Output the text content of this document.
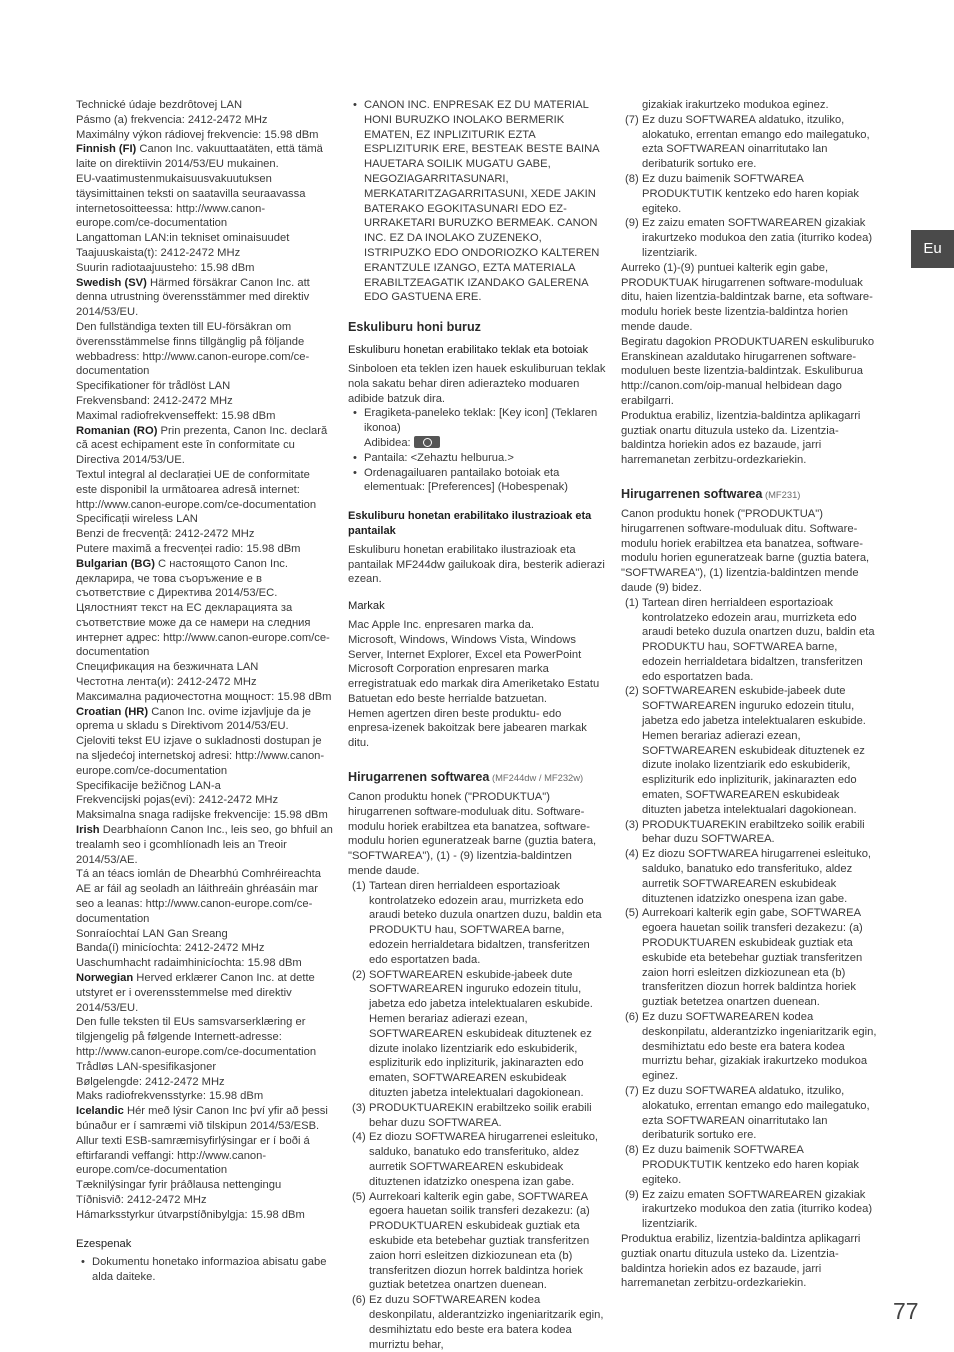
Technické údaje bezdrôtovej LAN

Pásmo (a) frekvencia: 2412-2472 MHz

Maximálny výkon rádiovej frekvencie: 15.98 dBm

Finnish (FI) Canon Inc. vakuuttaatäten, että tämä laite on direktiivin 2014/53/EU mukainen.

EU-vaatimustenmukaisuusvakuutuksen täysimittainen teksti on saatavilla seuraavassa internetosoitteessa: http://www.canon-europe.com/ce-documentation

Langattoman LAN:in tekniset ominaisuudet

Taajuuskaista(t): 2412-2472 MHz

Suurin radiotaajuusteho: 15.98 dBm

Swedish (SV) Härmed försäkrar Canon Inc. att denna utrustning överensstämmer med direktiv 2014/53/EU.

Den fullständiga texten till EU-försäkran om överensstämmelse finns tillgänglig på följande webbadress: http://www.canon-europe.com/ce-documentation

Specifikationer för trådlöst LAN

Frekvensband: 2412-2472 MHz

Maximal radiofrekvenseffekt: 15.98 dBm

Romanian (RO) Prin prezenta, Canon Inc. declară că acest echipament este în conformitate cu Directiva 2014/53/UE.

Textul integral al declarației UE de conformitate este disponibil la următoarea adresă internet: http://www.canon-europe.com/ce-documentation

Specificații wireless LAN

Benzi de frecvență: 2412-2472 MHz

Putere maximă a frecvenței radio: 15.98 dBm

Bulgarian (BG) С настоящото Canon Inc. декларира, че това съоръжение е в съответствие с Директива 2014/53/ЕС.

Цялостният текст на ЕС декларацията за съответствие може да се намери на следния интернет адрес: http://www.canon-europe.com/ce-documentation

Спецификация на безжичната LAN

Честотна лента(и): 2412-2472 MHz

Максимална радиочестотна мощност: 15.98 dBm

Croatian (HR) Canon Inc. ovime izjavljuje da je oprema u skladu s Direktivom 2014/53/EU.

Cjeloviti tekst EU izjave o sukladnosti dostupan je na sljedećoj internetskoj adresi: http://www.canon-europe.com/ce-documentation

Specifikacije bežičnog LAN-a

Frekvencijski pojas(evi): 2412-2472 MHz

Maksimalna snaga radijske frekvencije: 15.98 dBm

Irish Dearbhaíonn Canon Inc., leis seo, go bhfuil an trealamh seo i gcomhlíonadh leis an Treoir 2014/53/AE.

Tá an téacs iomlán de Dhearbhú Comhréireachta AE ar fáil ag seoladh an láithreáin ghréasáin mar seo a leanas: http://www.canon-europe.com/ce-documentation

Sonraíochtaí LAN Gan Sreang

Banda(í) minicíochta: 2412-2472 MHz

Uaschumhacht radaimhinicíochta: 15.98 dBm

Norwegian Herved erklærer Canon Inc. at dette utstyret er i overensstemmelse med direktiv 2014/53/EU.

Den fulle teksten til EUs samsvarserklæring er tilgjengelig på følgende Internett-adresse: http://www.canon-europe.com/ce-documentation

Trådløs LAN-spesifikasjoner

Bølgelengde: 2412-2472 MHz

Maks radiofrekvensstyrke: 15.98 dBm

Icelandic Hér með lýsir Canon Inc því yfir að þessi búnaður er í samræmi við tilskipun 2014/53/ESB.

Allur texti ESB-samræmisyfirlýsingar er í boði á eftirfarandi veffangi: http://www.canon-europe.com/ce-documentation

Tæknilýsingar fyrir þráðlausa nettengingu

Tíðnisvið: 2412-2472 MHz

Hámarksstyrkur útvarpstíðnibylgja: 15.98 dBm

Ezespenak
• Dokumentu honetako informazioa abisatu gabe alda daiteke.
• CANON INC. ENPRESAK EZ DU MATERIAL HONI BURUZKO INOLAKO BERMERIK EMATEN, EZ INPLIZITURIK EZTA ESPLIZITURIK ERE, BESTEAK BESTE BAINA HAUETARA SOILIK MUGATU GABE, NEGOZIAGARRITASUNARI, MERKATARITZAGARRITASUNI, XEDE JAKIN BATERAKO EGOKITASUNARI EDO EZ-URRAKETARI BURUZKO BERMEAK. CANON INC. EZ DA INOLAKO ZUZENEKO, ISTRIPUZKO EDO ONDORIOZKO KALTEREN ERANTZULE IZANGO, EZTA MATERIALA ERABILTZEAGATIK IZANDAKO GALERENA EDO GASTUENA ERE.
Eskuliburu honi buruz
Eskuliburu honetan erabilitako teklak eta botoiak

Sinboloen eta teklen izen hauek eskuliburuan teklak nola sakatu behar diren adierazteko moduaren adibide batzuk dira.

• Eragiketa-paneleko teklak: [Key icon] (Teklaren ikonoa)
Adibidea:
• Pantaila: <Zehaztu helburua.>
• Ordenagailuaren pantailako botoiak eta elementuak: [Preferences] (Hobespenak)
Eskuliburu honetan erabilitako ilustrazioak eta pantailak

Eskuliburu honetan erabilitako ilustrazioak eta pantailak MF244dw gailukoak dira, besterik adierazi ezean.

Markak

Mac Apple Inc. enpresaren marka da.

Microsoft, Windows, Windows Vista, Windows Server, Internet Explorer, Excel eta PowerPoint Microsoft Corporation enpresaren marka erregistratuak edo markak dira Ameriketako Estatu Batuetan edo beste herrialde batzuetan.

Hemen agertzen diren beste produktu- edo enpresa-izenek bakoitzak bere jabearen markak ditu.

Hirugarrenen softwarea (MF244dw / MF232w)

Canon produktu honek ("PRODUKTUA") hirugarrenen software-moduluak ditu. Software-modulu horiek erabiltzea eta banatzea, software-modulu horien eguneratzeak barne (guztia batera, "SOFTWAREA"), (1) - (9) lizentzia-baldintzen mende daude.

(1) Tartean diren herrialdeen esportazioak kontrolatzeko edozein arau, murrizketa edo araudi beteko duzula onartzen duzu, baldin eta PRODUKTU hau, SOFTWAREA barne, edozein herrialdetara bidaltzen, transferitzen edo esportatzen bada.
(2) SOFTWAREAREN eskubide-jabeek dute SOFTWAREAREN inguruko edozein titulu, jabetza edo jabetza intelektualaren eskubide. Hemen berariaz adierazi ezean, SOFTWAREAREN eskubideak dituztenek ez dizute inolako lizentziarik edo eskubiderik, espliziturik edo inpliziturik, jakinarazten edo ematen, SOFTWAREAREN eskubideak dituzten jabetza intelektualari dagokionean.
(3) PRODUKTUAREKIN erabiltzeko soilik erabili behar duzu SOFTWAREA.
(4) Ez diozu SOFTWAREA hirugarrenei esleituko, salduko, banatuko edo transferituko, aldez aurretik SOFTWAREAREN eskubideak dituztenen idatzizko onespena izan gabe.
(5) Aurrekoari kalterik egin gabe, SOFTWAREA egoera hauetan soilik transferi dezakezu: (a) PRODUKTUAREN eskubideak guztiak eta eskubide eta betebehar guztiak transferitzen zaion horri esleitzen dizkiozunean eta (b) transferitzen diozun horrek baldintza horiek guztiak betetzea onartzen duenean.
(6) Ez duzu SOFTWAREAREN kodea deskonpilatu, alderantzizko ingeniaritzarik egin, desmihiztatu edo beste era batera kodea murriztu behar,

gizakiak irakurtzeko modukoa eginez.

(7) Ez duzu SOFTWAREA aldatuko, itzuliko, alokatuko, errentan emango edo mailegatuko, ezta SOFTWAREAN oinarritutako lan deribaturik sortuko ere.
(8) Ez duzu baimenik SOFTWAREA PRODUKTUTIK kentzeko edo haren kopiak egiteko.
(9) Ez zaizu ematen SOFTWAREAREN gizakiak irakurtzeko modukoa den zatia (iturriko kodea) lizentziarik.

Aurreko (1)-(9) puntuei kalterik egin gabe, PRODUKTUAK hirugarrenen software-moduluak ditu, haien lizentzia-baldintzak barne, eta software-modulu horiek beste lizentzia-baldintza horien mende daude.

Begiratu dagokion PRODUKTUAREN eskuliburuko Eranskinean azaldutako hirugarrenen software-moduluen beste lizentzia-baldintzak. Eskuliburua http://canon.com/oip-manual helbidean dago erabilgarri.

Produktua erabiliz, lizentzia-baldintza aplikagarri guztiak onartu dituzula usteko da. Lizentzia-baldintza horiekin ados ez bazaude, jarri harremanetan zerbitzu-ordezkariekin.

Hirugarrenen softwarea (MF231)

Canon produktu honek ("PRODUKTUA") hirugarrenen software-moduluak ditu. Software-modulu horiek erabiltzea eta banatzea, software-modulu horien eguneratzeak barne (guztia batera, "SOFTWAREA"), (1) lizentzia-baldintzen mende daude (9) bidez.

(1) Tartean diren herrialdeen esportazioak kontrolatzeko edozein arau, murrizketa edo araudi beteko duzula onartzen duzu, baldin eta PRODUKTU hau, SOFTWAREA barne, edozein herrialdetara bidaltzen, transferitzen edo esportatzen bada.
(2) SOFTWAREAREN eskubide-jabeek dute SOFTWAREAREN inguruko edozein titulu, jabetza edo jabetza intelektualaren eskubide. Hemen berariaz adierazi ezean, SOFTWAREAREN eskubideak dituztenek ez dizute inolako lizentziarik edo eskubiderik, espliziturik edo inpliziturik, jakinarazten edo ematen, SOFTWAREAREN eskubideak dituzten jabetza intelektualari dagokionean.
(3) PRODUKTUAREKIN erabiltzeko soilik erabili behar duzu SOFTWAREA.
(4) Ez diozu SOFTWAREA hirugarrenei esleituko, salduko, banatuko edo transferituko, aldez aurretik SOFTWAREAREN eskubideak dituztenen idatzizko onespena izan gabe.
(5) Aurrekoari kalterik egin gabe, SOFTWAREA egoera hauetan soilik transferi dezakezu: (a) PRODUKTUAREN eskubideak guztiak eta eskubide eta betebehar guztiak transferitzen zaion horri esleitzen dizkiozunean eta (b) transferitzen diozun horrek baldintza horiek guztiak betetzea onartzen duenean.
(6) Ez duzu SOFTWAREAREN kodea deskonpilatu, alderantzizko ingeniaritzarik egin, desmihiztatu edo beste era batera kodea murriztu behar, gizakiak irakurtzeko modukoa eginez.
(7) Ez duzu SOFTWAREA aldatuko, itzuliko, alokatuko, errentan emango edo mailegatuko, ezta SOFTWAREAN oinarritutako lan deribaturik sortuko ere.
(8) Ez duzu baimenik SOFTWAREA PRODUKTUTIK kentzeko edo haren kopiak egiteko.
(9) Ez zaizu ematen SOFTWAREAREN gizakiak irakurtzeko modukoa den zatia (iturriko kodea) lizentziarik.

Produktua erabiliz, lizentzia-baldintza aplikagarri guztiak onartu dituzula usteko da. Lizentzia-baldintza horiekin ados ez bazaude, jarri harremanetan zerbitzu-ordezkariekin.

Eu
77
